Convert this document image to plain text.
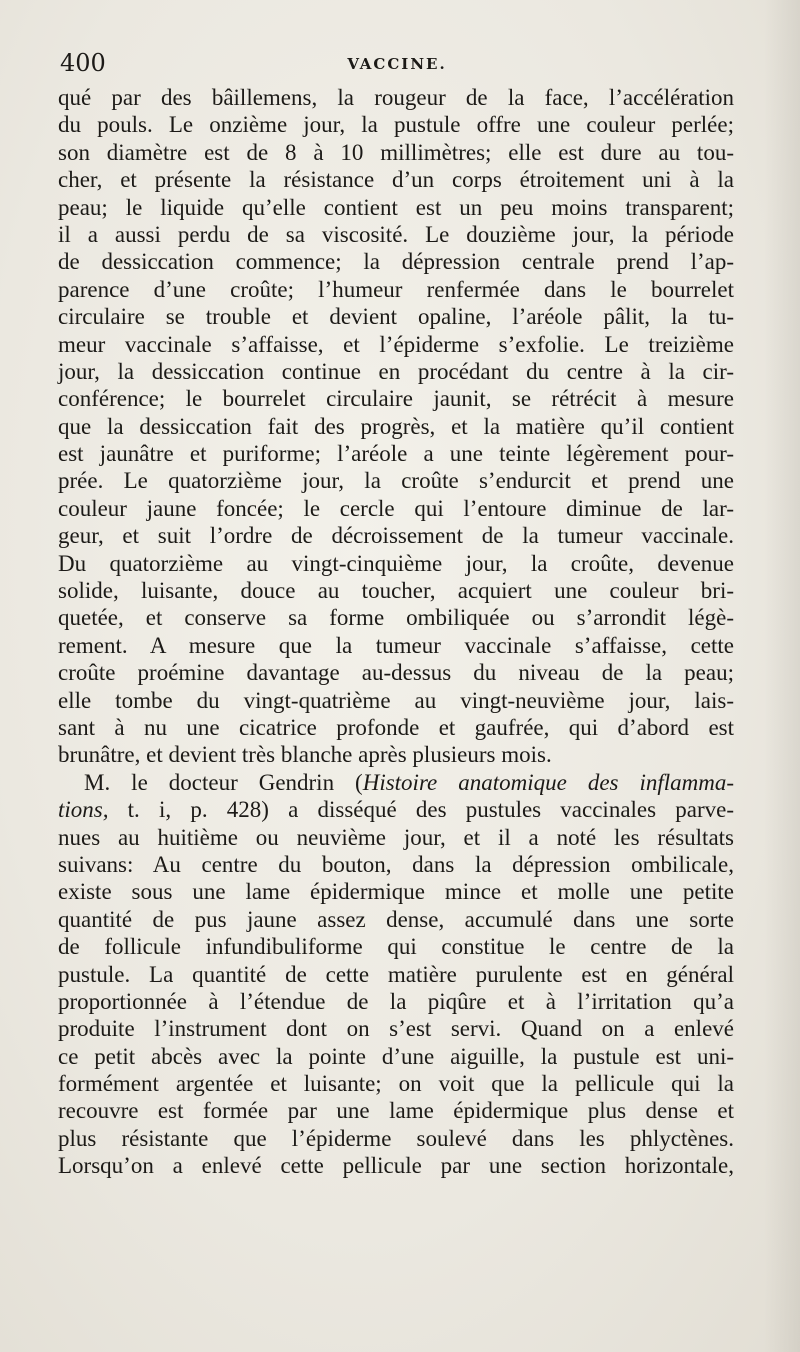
400	VACCINE.
qué par des bâillemens, la rougeur de la face, l’accélération
du pouls. Le onzième jour, la pustule offre une couleur perlée;
son diamètre est de 8 à 10 millimètres; elle est dure au tou-
cher, et présente la résistance d’un corps étroitement uni à la
peau; le liquide qu’elle contient est un peu moins transparent;
il a aussi perdu de sa viscosité. Le douzième jour, la période
de dessiccation commence; la dépression centrale prend l’ap-
parence d’une croûte; l’humeur renfermée dans le bourrelet
circulaire se trouble et devient opaline, l’aréole pâlit, la tu-
meur vaccinale s’affaisse, et l’épiderme s’exfolie. Le treizième
jour, la dessiccation continue en procédant du centre à la cir-
conférence; le bourrelet circulaire jaunit, se rétrécit à mesure
que la dessiccation fait des progrès, et la matière qu’il contient
est jaunâtre et puriforme; l’aréole a une teinte légèrement pour-
prée. Le quatorzième jour, la croûte s’endurcit et prend une
couleur jaune foncée; le cercle qui l’entoure diminue de lar-
geur, et suit l’ordre de décroissement de la tumeur vaccinale.
Du quatorzième au vingt-cinquième jour, la croûte, devenue
solide, luisante, douce au toucher, acquiert une couleur bri-
quetée, et conserve sa forme ombiliquée ou s’arrondit légè-
rement. A mesure que la tumeur vaccinale s’affaisse, cette
croûte proémine davantage au-dessus du niveau de la peau;
elle tombe du vingt-quatrième au vingt-neuvième jour, lais-
sant à nu une cicatrice profonde et gaufrée, qui d’abord est
brunâtre, et devient très blanche après plusieurs mois.
M. le docteur Gendrin (Histoire anatomique des inflamma-
tions, t. i, p. 428) a disséqué des pustules vaccinales parve-
nues au huitième ou neuvième jour, et il a noté les résultats
suivans: Au centre du bouton, dans la dépression ombilicale,
existe sous une lame épidermique mince et molle une petite
quantité de pus jaune assez dense, accumulé dans une sorte
de follicule infundibuliforme qui constitue le centre de la
pustule. La quantité de cette matière purulente est en général
proportionnée à l’étendue de la piqûre et à l’irritation qu’a
produite l’instrument dont on s’est servi. Quand on a enlevé
ce petit abcès avec la pointe d’une aiguille, la pustule est uni-
formément argentée et luisante; on voit que la pellicule qui la
recouvre est formée par une lame épidermique plus dense et
plus résistante que l’épiderme soulevé dans les phlyctènes.
Lorsqu’on a enlevé cette pellicule par une section horizontale,
